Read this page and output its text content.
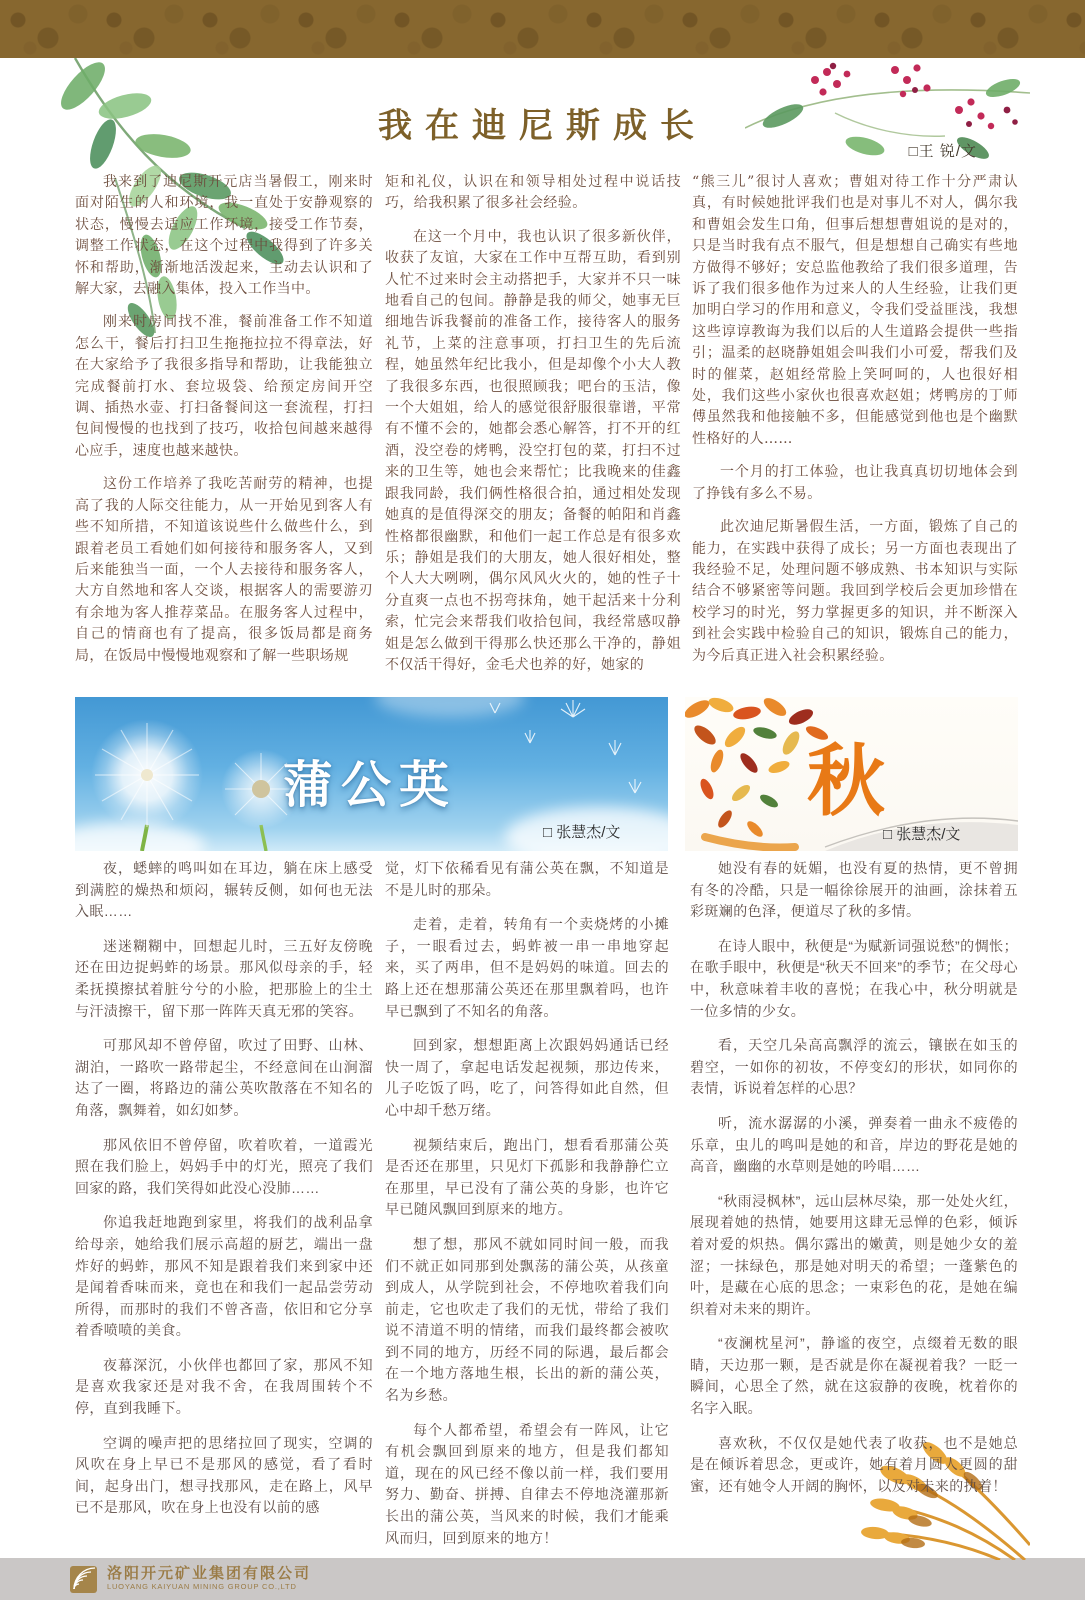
我在迪尼斯成长
□王 锐/文

我来到了迪尼斯开元店当暑假工，刚来时面对陌生的人和环境，我一直处于安静观察的状态，慢慢去适应工作环境，接受工作节奏，调整工作状态，在这个过程中我得到了许多关怀和帮助，渐渐地活泼起来，主动去认识和了解大家，去融入集体，投入工作当中。

刚来时房间找不准，餐前准备工作不知道怎么干，餐后打扫卫生拖拖拉拉不得章法，好在大家给予了我很多指导和帮助，让我能独立完成餐前打水、套垃圾袋、给预定房间开空调、插热水壶、打扫备餐间这一套流程，打扫包间慢慢的也找到了技巧，收拾包间越来越得心应手，速度也越来越快。

这份工作培养了我吃苦耐劳的精神，也提高了我的人际交往能力，从一开始见到客人有些不知所措，不知道该说些什么做些什么，到跟着老员工看她们如何接待和服务客人，又到后来能独当一面，一个人去接待和服务客人，大方自然地和客人交谈，根据客人的需要游刃有余地为客人推荐菜品。在服务客人过程中，自己的情商也有了提高，很多饭局都是商务局，在饭局中慢慢地观察和了解一些职场规

矩和礼仪，认识在和领导相处过程中说话技巧，给我积累了很多社会经验。

在这一个月中，我也认识了很多新伙伴，收获了友谊，大家在工作中互帮互助，看到别人忙不过来时会主动搭把手，大家并不只一味地看自己的包间。静静是我的师父，她事无巨细地告诉我餐前的准备工作，接待客人的服务礼节，上菜的注意事项，打扫卫生的先后流程，她虽然年纪比我小，但是却像个小大人教了我很多东西，也很照顾我；吧台的玉洁，像一个大姐姐，给人的感觉很舒服很靠谱，平常有不懂不会的，她都会悉心解答，打不开的红酒，没空卷的烤鸭，没空打包的菜，打扫不过来的卫生等，她也会来帮忙；比我晚来的佳鑫跟我同龄，我们俩性格很合拍，通过相处发现她真的是值得深交的朋友；备餐的帕阳和肖鑫性格都很幽默，和他们一起工作总是有很多欢乐；静姐是我们的大朋友，她人很好相处，整个人大大咧咧，偶尔风风火火的，她的性子十分直爽一点也不拐弯抹角，她干起活来十分利索，忙完会来帮我们收拾包间，我经常感叹静姐是怎么做到干得那么快还那么干净的，静姐不仅活干得好，金毛犬也养的好，她家的

“熊三儿”很讨人喜欢；曹姐对待工作十分严肃认真，有时候她批评我们也是对事儿不对人，偶尔我和曹姐会发生口角，但事后想想曹姐说的是对的，只是当时我有点不服气，但是想想自己确实有些地方做得不够好；安总监他教给了我们很多道理，告诉了我们很多他作为过来人的人生经验，让我们更加明白学习的作用和意义，令我们受益匪浅，我想这些谆谆教诲为我们以后的人生道路会提供一些指引；温柔的赵晓静姐姐会叫我们小可爱，帮我们及时的催菜，赵姐经常脸上笑呵呵的，人也很好相处，我们这些小家伙也很喜欢赵姐；烤鸭房的丁师傅虽然我和他接触不多，但能感觉到他也是个幽默性格好的人……

一个月的打工体验，也让我真真切切地体会到了挣钱有多么不易。

此次迪尼斯暑假生活，一方面，锻炼了自己的能力，在实践中获得了成长；另一方面也表现出了我经验不足，处理问题不够成熟、书本知识与实际结合不够紧密等问题。我回到学校后会更加珍惜在校学习的时光，努力掌握更多的知识，并不断深入到社会实践中检验自己的知识，锻炼自己的能力，为今后真正进入社会积累经验。

蒲公英
□ 张慧杰/文
秋
□ 张慧杰/文

夜，蟋蟀的鸣叫如在耳边，躺在床上感受到满腔的燥热和烦闷，辗转反侧，如何也无法入眠……

迷迷糊糊中，回想起儿时，三五好友傍晚还在田边捉蚂蚱的场景。那风似母亲的手，轻柔抚摸擦拭着脏兮兮的小脸，把那脸上的尘土与汗渍擦干，留下那一阵阵天真无邪的笑容。

可那风却不曾停留，吹过了田野、山林、湖泊，一路吹一路带起尘，不经意间在山涧溜达了一圈，将路边的蒲公英吹散落在不知名的角落，飘舞着，如幻如梦。

那风依旧不曾停留，吹着吹着，一道霞光照在我们脸上，妈妈手中的灯光，照亮了我们回家的路，我们笑得如此没心没肺……

你追我赶地跑到家里，将我们的战利品拿给母亲，她给我们展示高超的厨艺，端出一盘炸好的蚂蚱，那风不知是跟着我们来到家中还是闻着香味而来，竟也在和我们一起品尝劳动所得，而那时的我们不曾吝啬，依旧和它分享着香喷喷的美食。

夜幕深沉，小伙伴也都回了家，那风不知是喜欢我家还是对我不舍，在我周围转个不停，直到我睡下。

空调的噪声把的思绪拉回了现实，空调的风吹在身上早已不是那风的感觉，看了看时间，起身出门，想寻找那风，走在路上，风早已不是那风，吹在身上也没有以前的感

觉，灯下依稀看见有蒲公英在飘，不知道是不是儿时的那朵。

走着，走着，转角有一个卖烧烤的小摊子，一眼看过去，蚂蚱被一串一串地穿起来，买了两串，但不是妈妈的味道。回去的路上还在想那蒲公英还在那里飘着吗，也许早已飘到了不知名的角落。

回到家，想想距离上次跟妈妈通话已经快一周了，拿起电话发起视频，那边传来，儿子吃饭了吗，吃了，问答得如此自然，但心中却千愁万绪。

视频结束后，跑出门，想看看那蒲公英是否还在那里，只见灯下孤影和我静静伫立在那里，早已没有了蒲公英的身影，也许它早已随风飘回到原来的地方。

想了想，那风不就如同时间一般，而我们不就正如同那到处飘荡的蒲公英，从孩童到成人，从学院到社会，不停地吹着我们向前走，它也吹走了我们的无忧，带给了我们说不清道不明的情绪，而我们最终都会被吹到不同的地方，历经不同的际遇，最后都会在一个地方落地生根，长出的新的蒲公英，名为乡愁。

每个人都希望，希望会有一阵风，让它有机会飘回到原来的地方，但是我们都知道，现在的风已经不像以前一样，我们要用努力、勤奋、拼搏、自律去不停地浇灌那新长出的蒲公英，当风来的时候，我们才能乘风而归，回到原来的地方！

她没有春的妩媚，也没有夏的热情，更不曾拥有冬的冷酷，只是一幅徐徐展开的油画，涂抹着五彩斑斓的色泽，便道尽了秋的多情。

在诗人眼中，秋便是“为赋新词强说愁”的惆怅；在歌手眼中，秋便是“秋天不回来”的季节；在父母心中，秋意味着丰收的喜悦；在我心中，秋分明就是一位多情的少女。

看，天空几朵高高飘浮的流云，镶嵌在如玉的碧空，一如你的初妆，不停变幻的形状，如同你的表情，诉说着怎样的心思？

听，流水潺潺的小溪，弹奏着一曲永不疲倦的乐章，虫儿的鸣叫是她的和音，岸边的野花是她的高音，幽幽的水草则是她的吟唱……

“秋雨浸枫林”，远山层林尽染，那一处处火红，展现着她的热情，她要用这肆无忌惮的色彩，倾诉着对爱的炽热。偶尔露出的嫩黄，则是她少女的羞涩；一抹绿色，那是她对明天的希望；一蓬紫色的叶，是藏在心底的思念；一束彩色的花，是她在编织着对未来的期许。

“夜澜枕星河”，静谧的夜空，点缀着无数的眼睛，天边那一颗，是否就是你在凝视着我？一眨一瞬间，心思全了然，就在这寂静的夜晚，枕着你的名字入眠。

喜欢秋，不仅仅是她代表了收获，也不是她总是在倾诉着思念，更或许，她有着月圆人更圆的甜蜜，还有她令人开阔的胸怀，以及对未来的执着！

洛阳开元矿业集团有限公司
LUOYANG KAIYUAN MINING GROUP CO.,LTD
